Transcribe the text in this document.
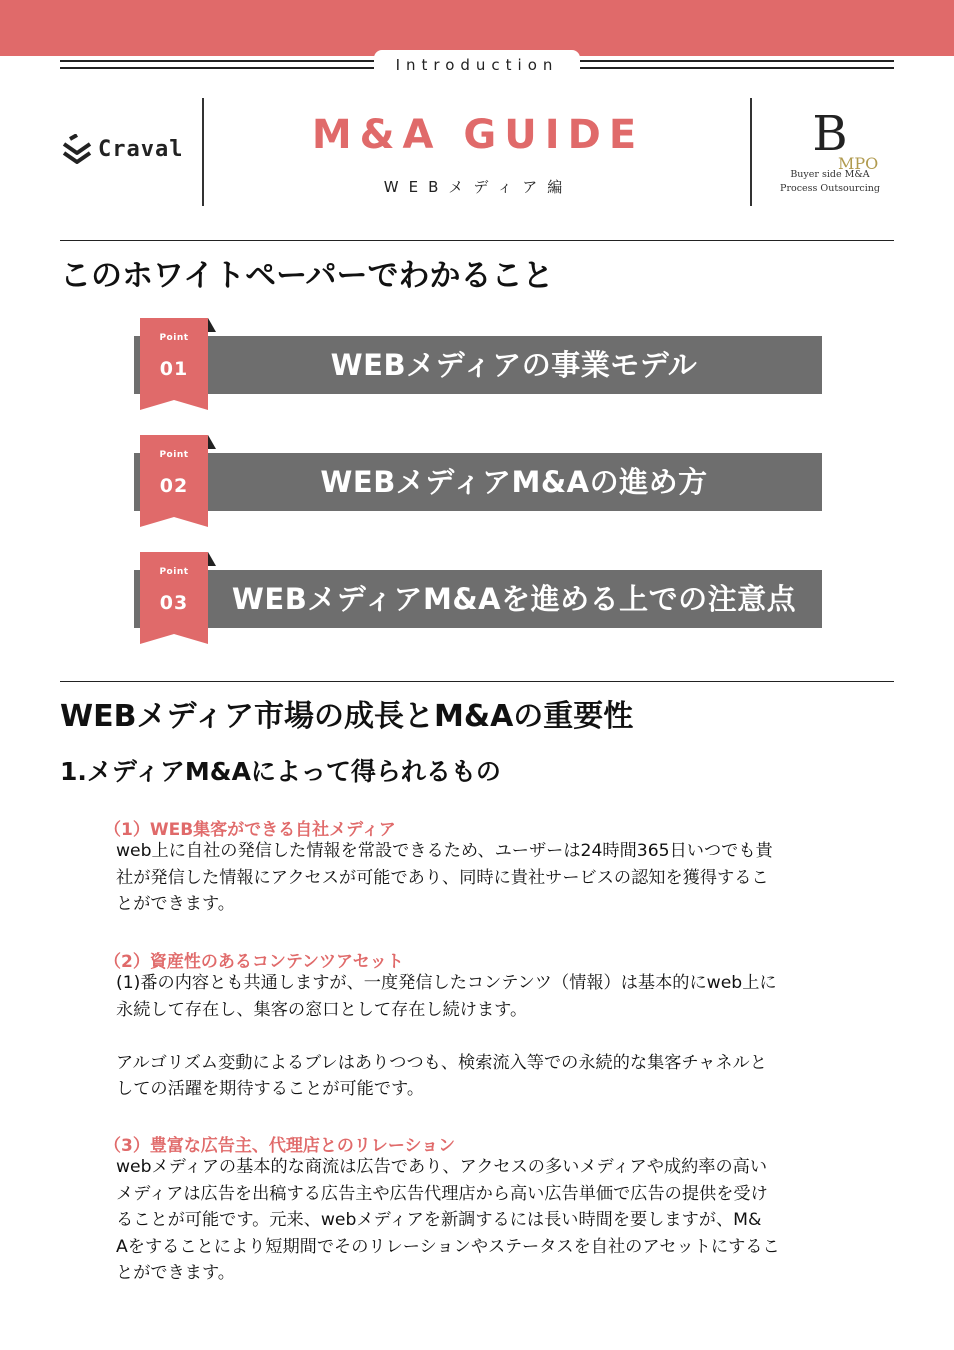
Introduction
Craval	M&A GUIDE
WEBメディア編
B
MPO
Buyer side M&A
Process Outsourcing
このホワイトペーパーでわかること
WEBメディアの事業モデル
Point
01
WEBメディアM&Aの進め方
Point
02
WEBメディアM&Aを進める上での注意点
Point
03
WEBメディア市場の成長とM&Aの重要性
1.メディアM&Aによって得られるもの
（1）WEB集客ができる自社メディア
web上に自社の発信した情報を常設できるため、ユーザーは24時間365日いつでも貴
社が発信した情報にアクセスが可能であり、同時に貴社サービスの認知を獲得するこ
とができます。
（2）資産性のあるコンテンツアセット
(1)番の内容とも共通しますが、一度発信したコンテンツ（情報）は基本的にweb上に
永続して存在し、集客の窓口として存在し続けます。
アルゴリズム変動によるブレはありつつも、検索流入等での永続的な集客チャネルと
しての活躍を期待することが可能です。
（3）豊富な広告主、代理店とのリレーション
webメディアの基本的な商流は広告であり、アクセスの多いメディアや成約率の高い
メディアは広告を出稿する広告主や広告代理店から高い広告単価で広告の提供を受け
ることが可能です。元来、webメディアを新調するには長い時間を要しますが、M&
Aをすることにより短期間でそのリレーションやステータスを自社のアセットにするこ
とができます。
